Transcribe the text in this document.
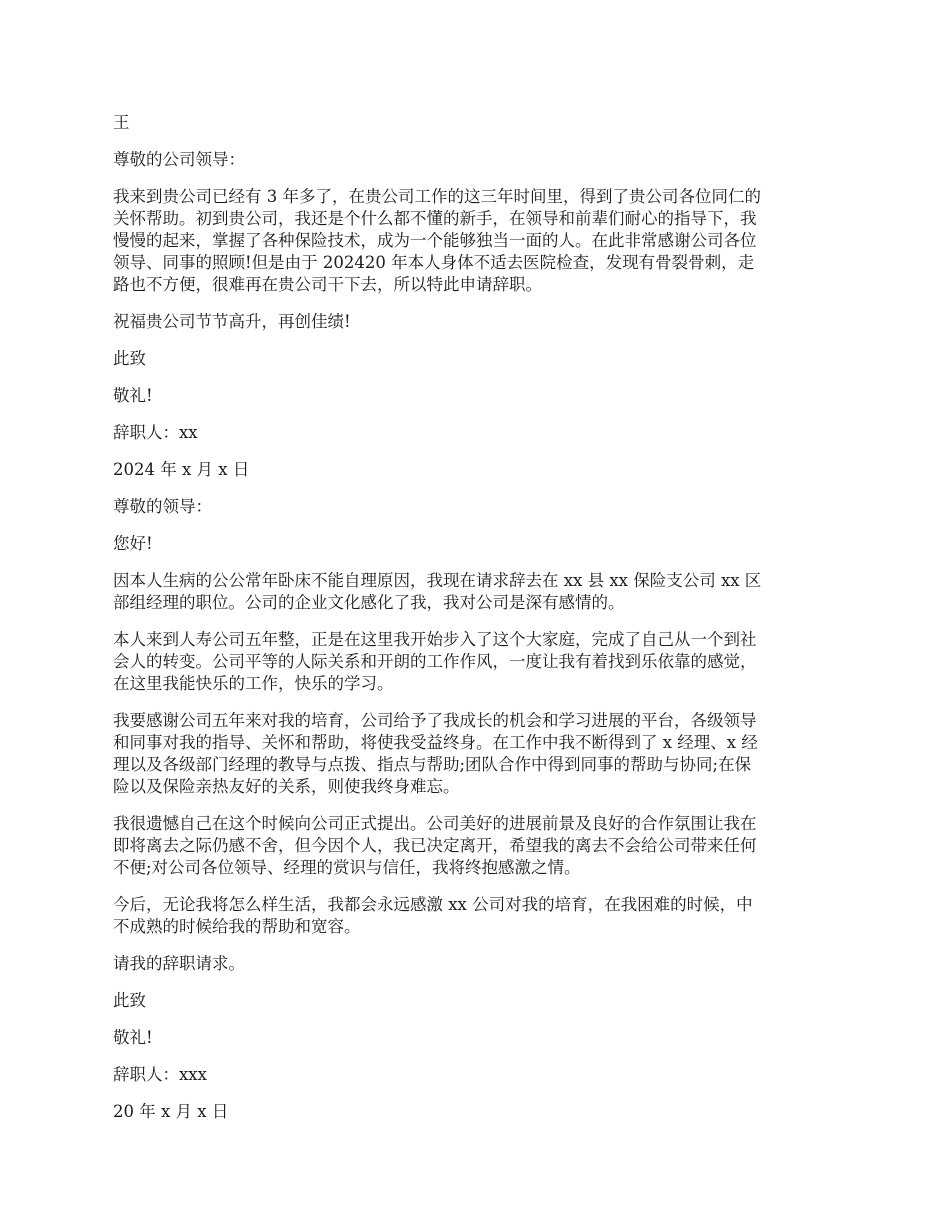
王

尊敬的公司领导：

我来到贵公司已经有 3 年多了，在贵公司工作的这三年时间里，得到了贵公司各位同仁的
关怀帮助。初到贵公司，我还是个什么都不懂的新手，在领导和前辈们耐心的指导下，我
慢慢的起来，掌握了各种保险技术，成为一个能够独当一面的人。在此非常感谢公司各位
领导、同事的照顾!但是由于 202420 年本人身体不适去医院检查，发现有骨裂骨刺，走
路也不方便，很难再在贵公司干下去，所以特此申请辞职。

祝福贵公司节节高升，再创佳绩!

此致

敬礼!

辞职人：xx

2024 年 x 月 x 日

尊敬的领导：

您好!

因本人生病的公公常年卧床不能自理原因，我现在请求辞去在 xx 县 xx 保险支公司 xx 区
部组经理的职位。公司的企业文化感化了我，我对公司是深有感情的。

本人来到人寿公司五年整，正是在这里我开始步入了这个大家庭，完成了自己从一个到社
会人的转变。公司平等的人际关系和开朗的工作作风，一度让我有着找到乐依靠的感觉，
在这里我能快乐的工作，快乐的学习。

我要感谢公司五年来对我的培育，公司给予了我成长的机会和学习进展的平台，各级领导
和同事对我的指导、关怀和帮助，将使我受益终身。在工作中我不断得到了 x 经理、x 经
理以及各级部门经理的教导与点拨、指点与帮助;团队合作中得到同事的帮助与协同;在保
险以及保险亲热友好的关系，则使我终身难忘。

我很遗憾自己在这个时候向公司正式提出。公司美好的进展前景及良好的合作氛围让我在
即将离去之际仍感不舍，但今因个人，我已决定离开，希望我的离去不会给公司带来任何
不便;对公司各位领导、经理的赏识与信任，我将终抱感激之情。

今后，无论我将怎么样生活，我都会永远感激 xx 公司对我的培育，在我困难的时候，中
不成熟的时候给我的帮助和宽容。

请我的辞职请求。

此致

敬礼!

辞职人：xxx

20 年 x 月 x 日
